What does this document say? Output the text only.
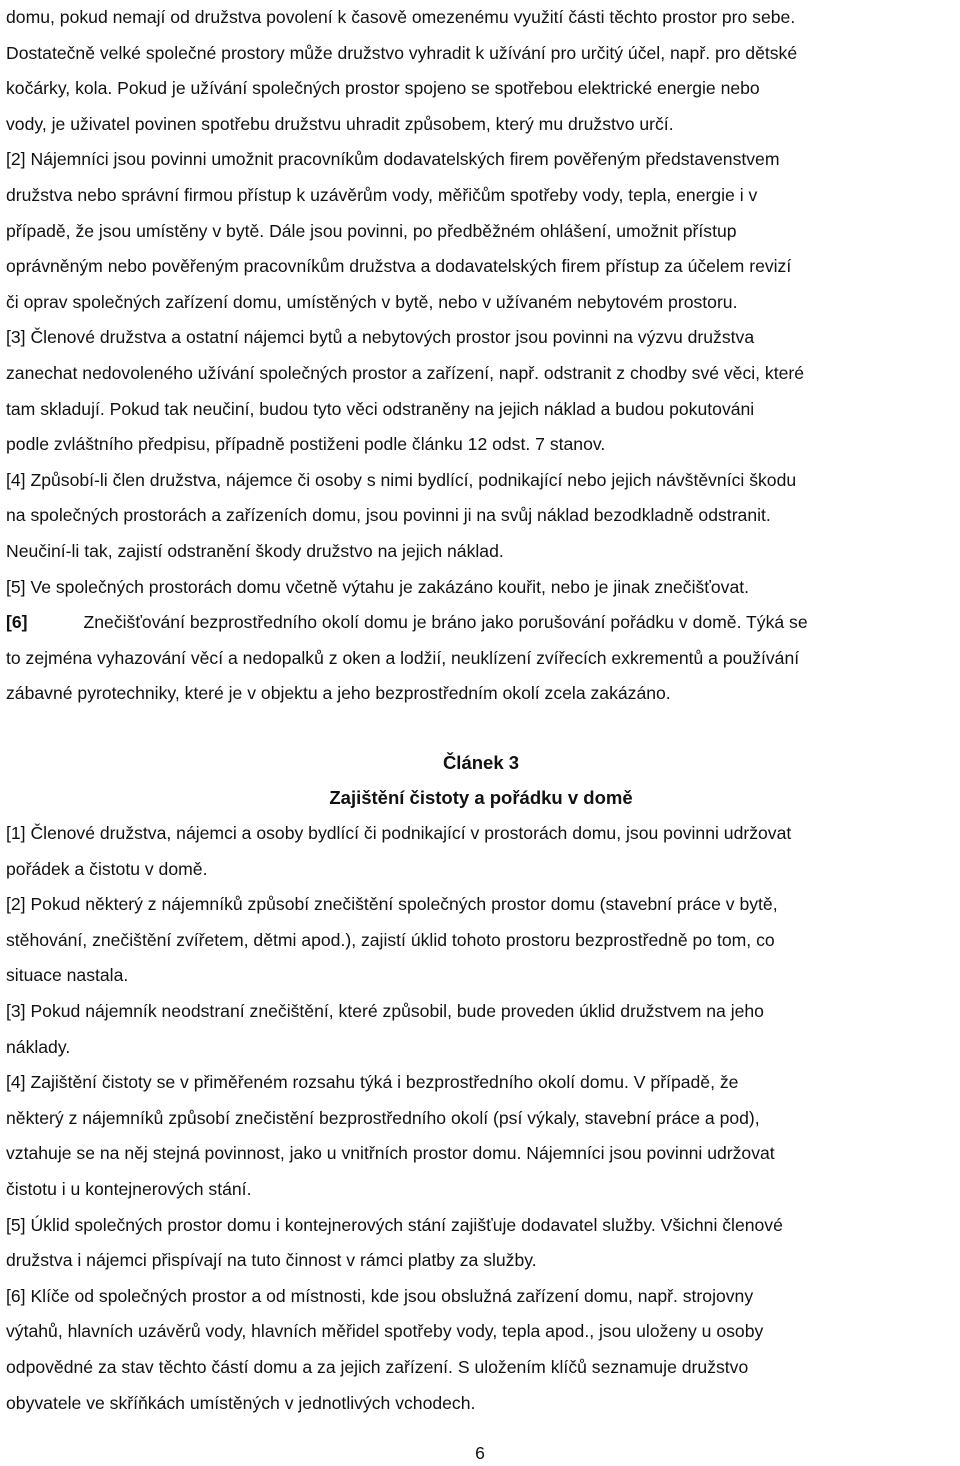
domu, pokud nemají od družstva povolení k časově omezenému využití části těchto prostor pro sebe.

Dostatečně velké společné prostory může družstvo vyhradit k užívání pro určitý účel, např. pro dětské

kočárky, kola. Pokud je užívání společných prostor spojeno se spotřebou elektrické energie nebo

vody, je uživatel povinen spotřebu družstvu uhradit způsobem, který mu družstvo určí.

[2] Nájemníci jsou povinni umožnit pracovníkům dodavatelských firem pověřeným představenstvem

družstva nebo správní firmou přístup k uzávěrům vody, měřičům spotřeby vody, tepla, energie i v

případě, že jsou umístěny v bytě. Dále jsou povinni, po předběžném ohlášení, umožnit přístup

oprávněným nebo pověřeným pracovníkům družstva a dodavatelských firem přístup za účelem revizí

či oprav společných zařízení domu, umístěných v bytě, nebo v užívaném nebytovém prostoru.

[3] Členové družstva a ostatní nájemci bytů a nebytových prostor jsou povinni na výzvu družstva

zanechat nedovoleného užívání společných prostor a zařízení, např. odstranit z chodby své věci, které

tam skladují. Pokud tak neučiní, budou tyto věci odstraněny na jejich náklad a budou pokutováni

podle zvláštního předpisu, případně postiženi podle článku 12 odst. 7 stanov.

[4] Způsobí-li člen družstva, nájemce či osoby s nimi bydlící, podnikající nebo jejich návštěvníci škodu

na společných prostorách a zařízeních domu, jsou povinni ji na svůj náklad bezodkladně odstranit.

Neučiní-li tak, zajistí odstranění škody družstvo na jejich náklad.

[5] Ve společných prostorách domu včetně výtahu je zakázáno kouřit, nebo je jinak znečišťovat.

[6]	Znečišťování bezprostředního okolí domu je bráno jako porušování pořádku v domě. Týká se

to zejména vyhazování věcí a nedopalků z oken a lodžií, neuklízení zvířecích exkrementů a používání

zábavné pyrotechniky, které je v objektu a jeho bezprostředním okolí zcela zakázáno.

Článek 3

Zajištění čistoty a pořádku v domě

[1] Členové družstva, nájemci a osoby bydlící či podnikající v prostorách domu, jsou povinni udržovat

pořádek a čistotu v domě.

[2] Pokud některý z nájemníků způsobí znečištění společných prostor domu (stavební práce v bytě,

stěhování, znečištění zvířetem, dětmi apod.), zajistí úklid tohoto prostoru bezprostředně po tom, co

situace nastala.

[3] Pokud nájemník neodstraní znečištění, které způsobil, bude proveden úklid družstvem na jeho

náklady.

[4] Zajištění čistoty se v přiměřeném rozsahu týká i bezprostředního okolí domu. V případě, že

některý z nájemníků způsobí znečistění bezprostředního okolí (psí výkaly, stavební práce a pod),

vztahuje se na něj stejná povinnost, jako u vnitřních prostor domu. Nájemníci jsou povinni udržovat

čistotu i u kontejnerových stání.

[5] Úklid společných prostor domu i kontejnerových stání zajišťuje dodavatel služby. Všichni členové

družstva i nájemci přispívají na tuto činnost v rámci platby za služby.

[6] Klíče od společných prostor a od místnosti, kde jsou obslužná zařízení domu, např. strojovny

výtahů, hlavních uzávěrů vody, hlavních měřidel spotřeby vody, tepla apod., jsou uloženy u osoby

odpovědné za stav těchto částí domu a za jejich zařízení. S uložením klíčů seznamuje družstvo

obyvatele ve skříňkách umístěných v jednotlivých vchodech.

6
